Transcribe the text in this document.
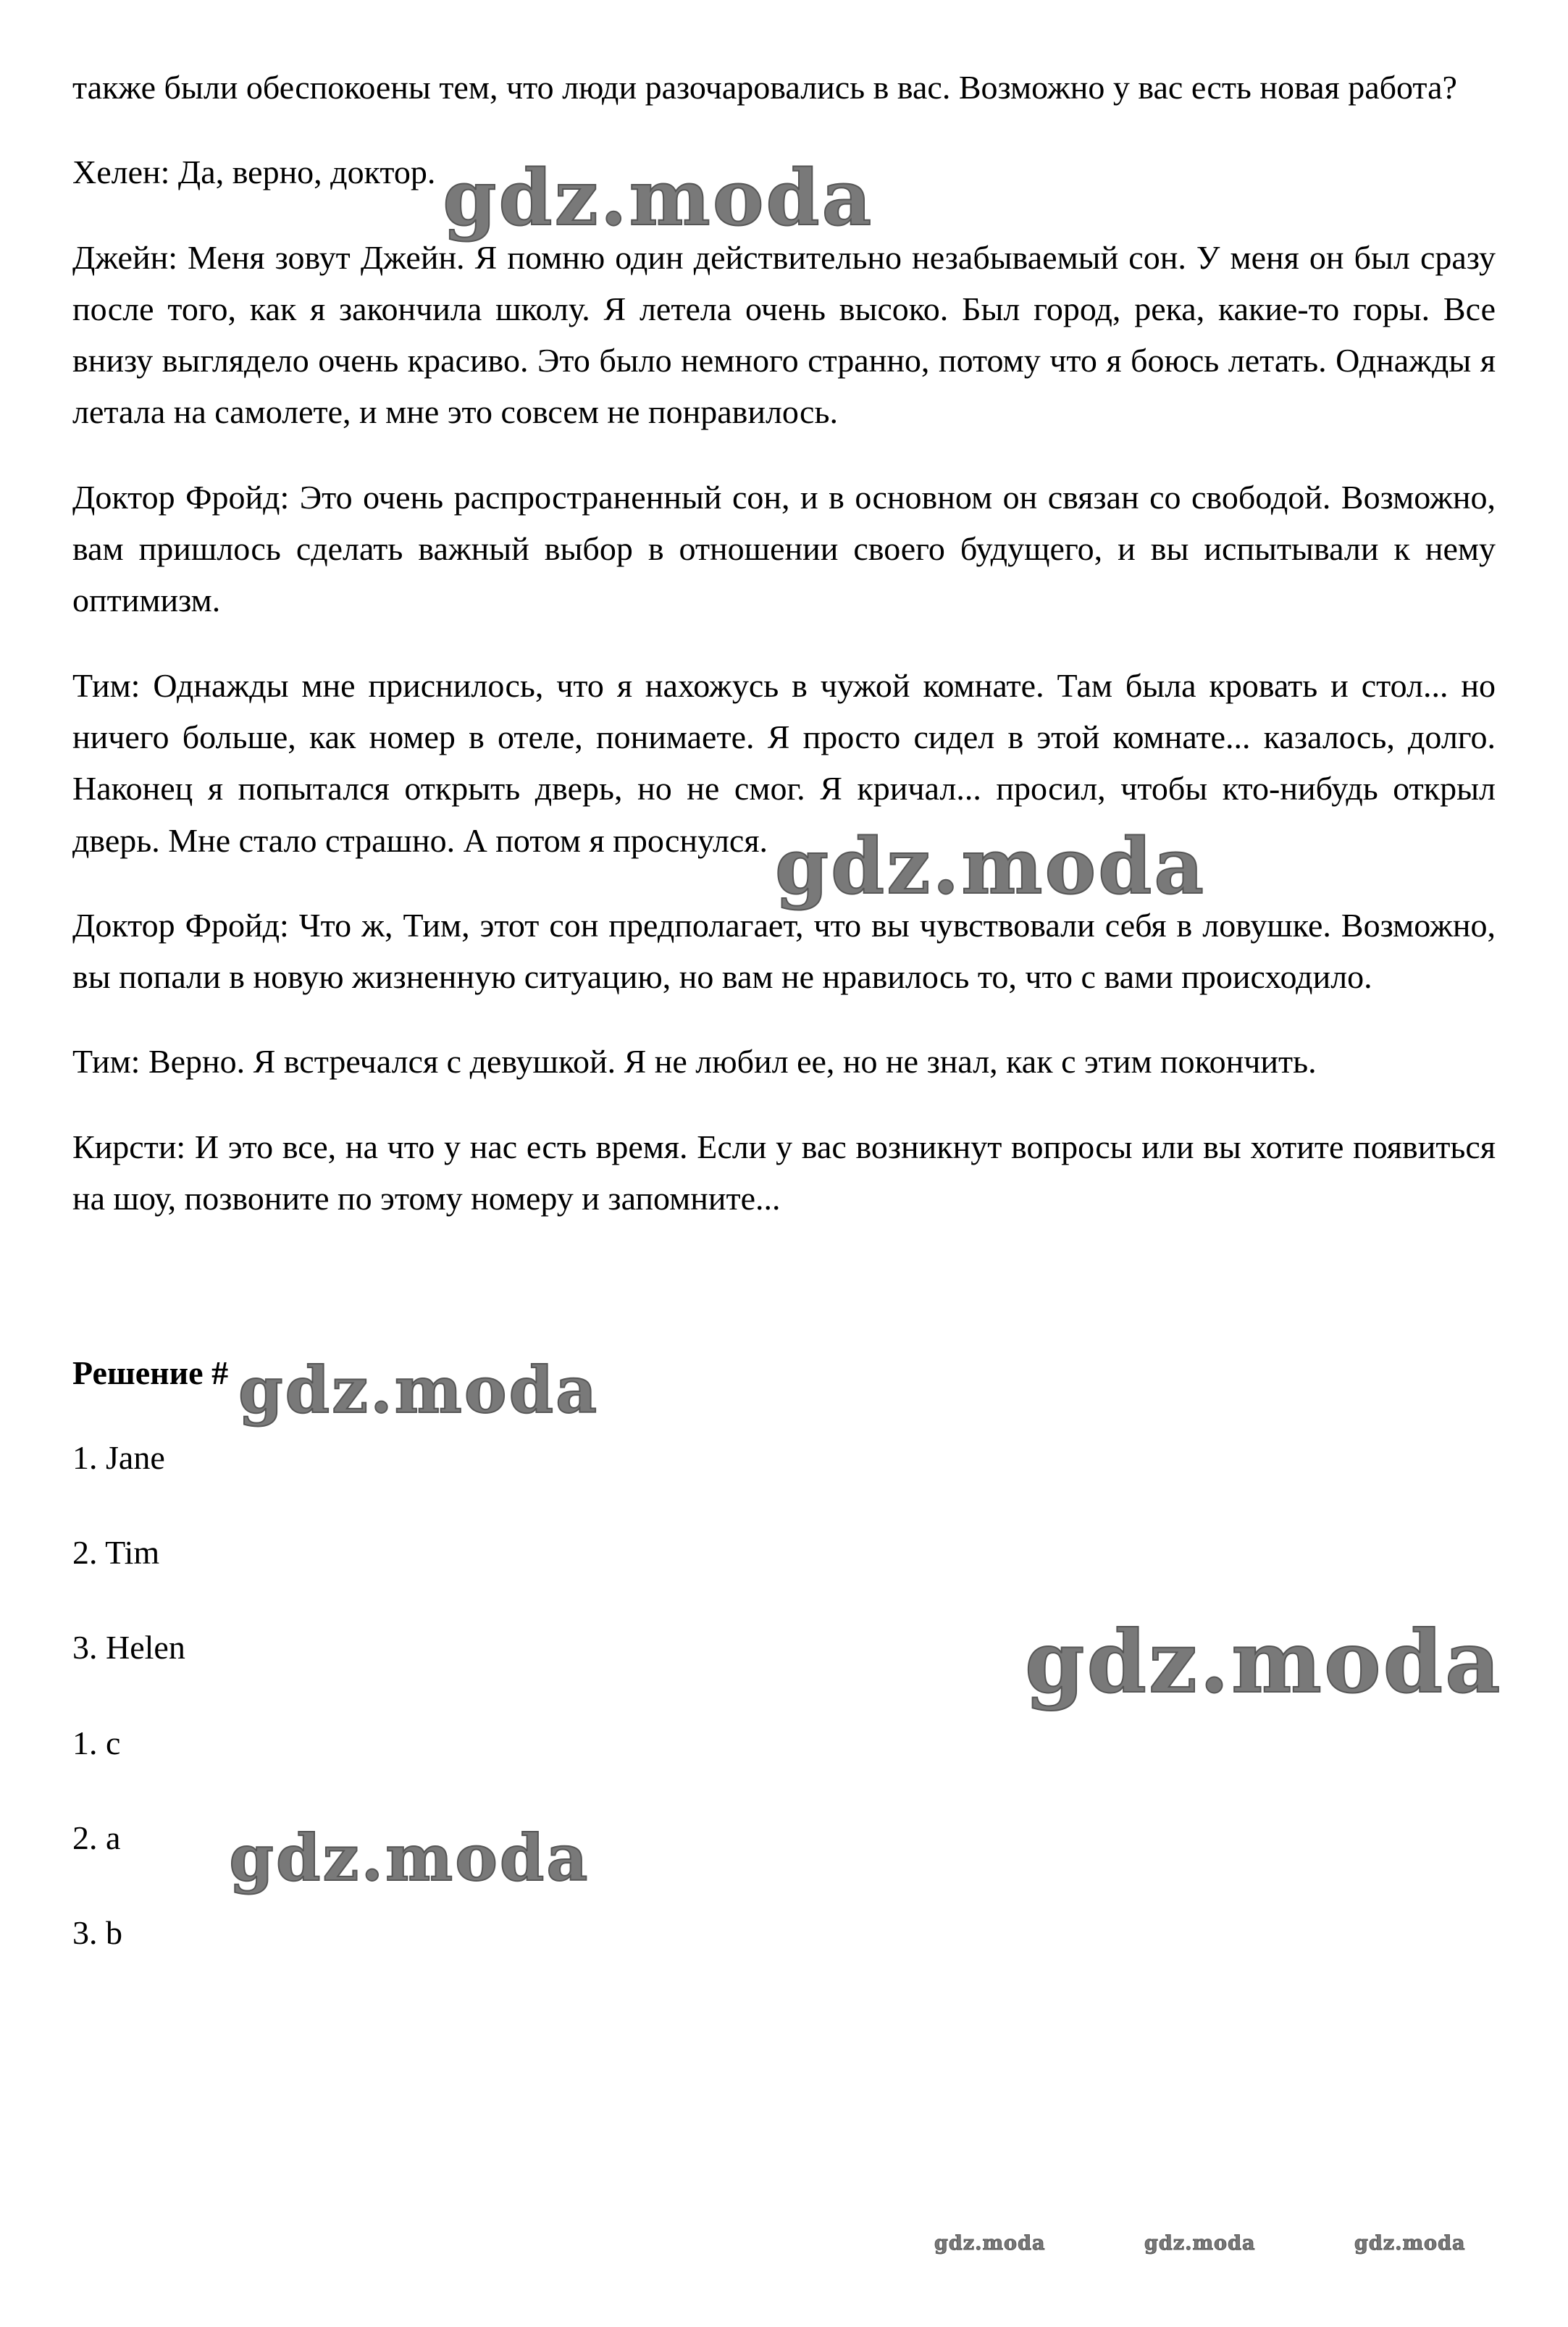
также были обеспокоены тем, что люди разочаровались в вас. Возможно у вас есть новая работа?

Хелен: Да, верно, доктор. gdz.moda

Джейн: Меня зовут Джейн. Я помню один действительно незабываемый сон. У меня он был сразу после того, как я закончила школу. Я летела очень высоко. Был город, река, какие-то горы. Все внизу выглядело очень красиво. Это было немного странно, потому что я боюсь летать. Однажды я летала на самолете, и мне это совсем не понравилось.

Доктор Фройд: Это очень распространенный сон, и в основном он связан со свободой. Возможно, вам пришлось сделать важный выбор в отношении своего будущего, и вы испытывали к нему оптимизм.

Тим: Однажды мне приснилось, что я нахожусь в чужой комнате. Там была кровать и стол... но ничего больше, как номер в отеле, понимаете. Я просто сидел в этой комнате... казалось, долго. Наконец я попытался открыть дверь, но не смог. Я кричал... просил, чтобы кто-нибудь открыл дверь. Мне стало страшно. А потом я проснулся. gdz.moda

Доктор Фройд: Что ж, Тим, этот сон предполагает, что вы чувствовали себя в ловушке. Возможно, вы попали в новую жизненную ситуацию, но вам не нравилось то, что с вами происходило.

Тим: Верно. Я встречался с девушкой. Я не любил ее, но не знал, как с этим покончить.

Кирсти: И это все, на что у нас есть время. Если у вас возникнут вопросы или вы хотите появиться на шоу, позвоните по этому номеру и запомните...

Решение # gdz.moda
1. Jane
2. Tim
3. Helen
1. c
2. a gdz.moda
3. b
gdz.moda
gdz.moda	gdz.moda	gdz.moda
